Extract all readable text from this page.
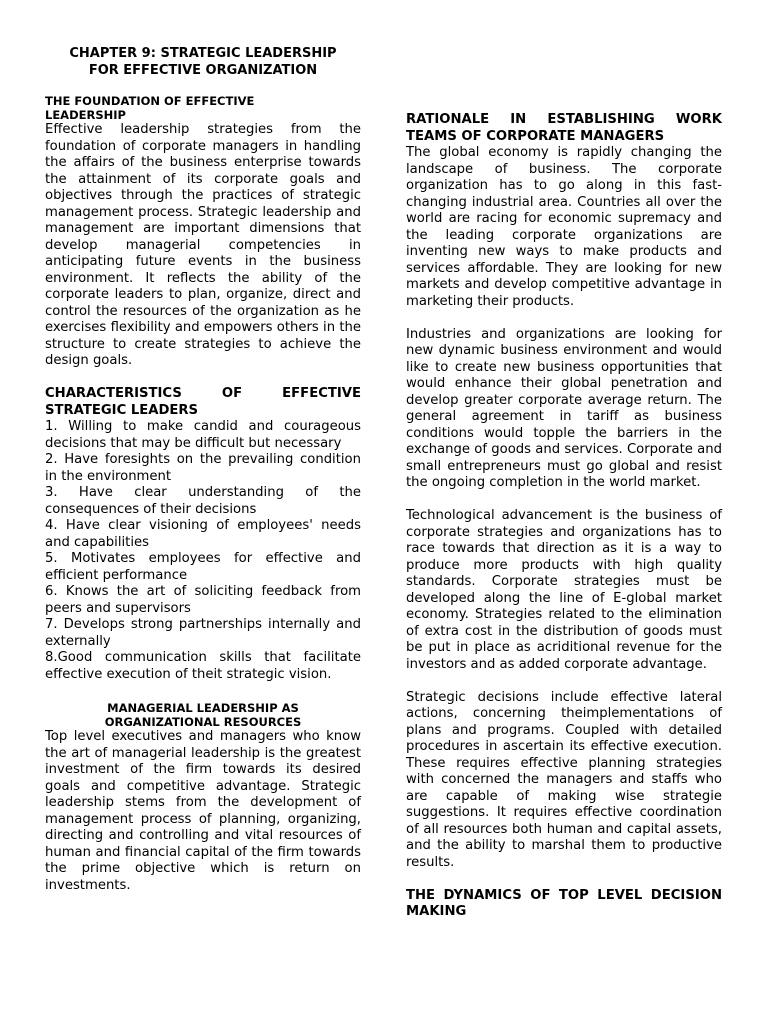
CHAPTER 9: STRATEGIC LEADERSHIP
FOR EFFECTIVE ORGANIZATION
THE FOUNDATION OF EFFECTIVE
LEADERSHIP

Effective leadership strategies from the foundation of corporate managers in handling the affairs of the business enterprise towards the attainment of its corporate goals and objectives through the practices of strategic management process. Strategic leadership and management are important dimensions that develop managerial competencies in anticipating future events in the business environment. It reflects the ability of the corporate leaders to plan, organize, direct and control the resources of the organization as he exercises flexibility and empowers others in the structure to create strategies to achieve the design goals.

CHARACTERISTICS OF EFFECTIVE STRATEGIC LEADERS
1. Willing to make candid and courageous decisions that may be difficult but necessary
2. Have foresights on the prevailing condition in the environment
3. Have clear understanding of the consequences of their decisions
4. Have clear visioning of employees' needs and capabilities
5. Motivates employees for effective and efficient performance
6. Knows the art of soliciting feedback from peers and supervisors
7. Develops strong partnerships internally and externally
8.Good communication skills that facilitate effective execution of theit strategic vision.
MANAGERIAL LEADERSHIP AS
ORGANIZATIONAL RESOURCES

Top level executives and managers who know the art of managerial leadership is the greatest investment of the firm towards its desired goals and competitive advantage. Strategic leadership stems from the development of management process of planning, organizing, directing and controlling and vital resources of human and financial capital of the firm towards the prime objective which is return on investments.

RATIONALE IN ESTABLISHING WORK TEAMS OF CORPORATE MANAGERS

The global economy is rapidly changing the landscape of business. The corporate organization has to go along in this fast-changing industrial area. Countries all over the world are racing for economic supremacy and the leading corporate organizations are inventing new ways to make products and services affordable. They are looking for new markets and develop competitive advantage in marketing their products.

Industries and organizations are looking for new dynamic business environment and would like to create new business opportunities that would enhance their global penetration and develop greater corporate average return. The general agreement in tariff as business conditions would topple the barriers in the exchange of goods and services. Corporate and small entrepreneurs must go global and resist the ongoing completion in the world market.

Technological advancement is the business of corporate strategies and organizations has to race towards that direction as it is a way to produce more products with high quality standards. Corporate strategies must be developed along the line of E-global market economy. Strategies related to the elimination of extra cost in the distribution of goods must be put in place as acriditional revenue for the investors and as added corporate advantage.

Strategic decisions include effective lateral actions, concerning theimplementations of plans and programs. Coupled with detailed procedures in ascertain its effective execution. These requires effective planning strategies with concerned the managers and staffs who are capable of making wise strategie suggestions. It requires effective coordination of all resources both human and capital assets, and the ability to marshal them to productive results.

THE DYNAMICS OF TOP LEVEL DECISION MAKING
